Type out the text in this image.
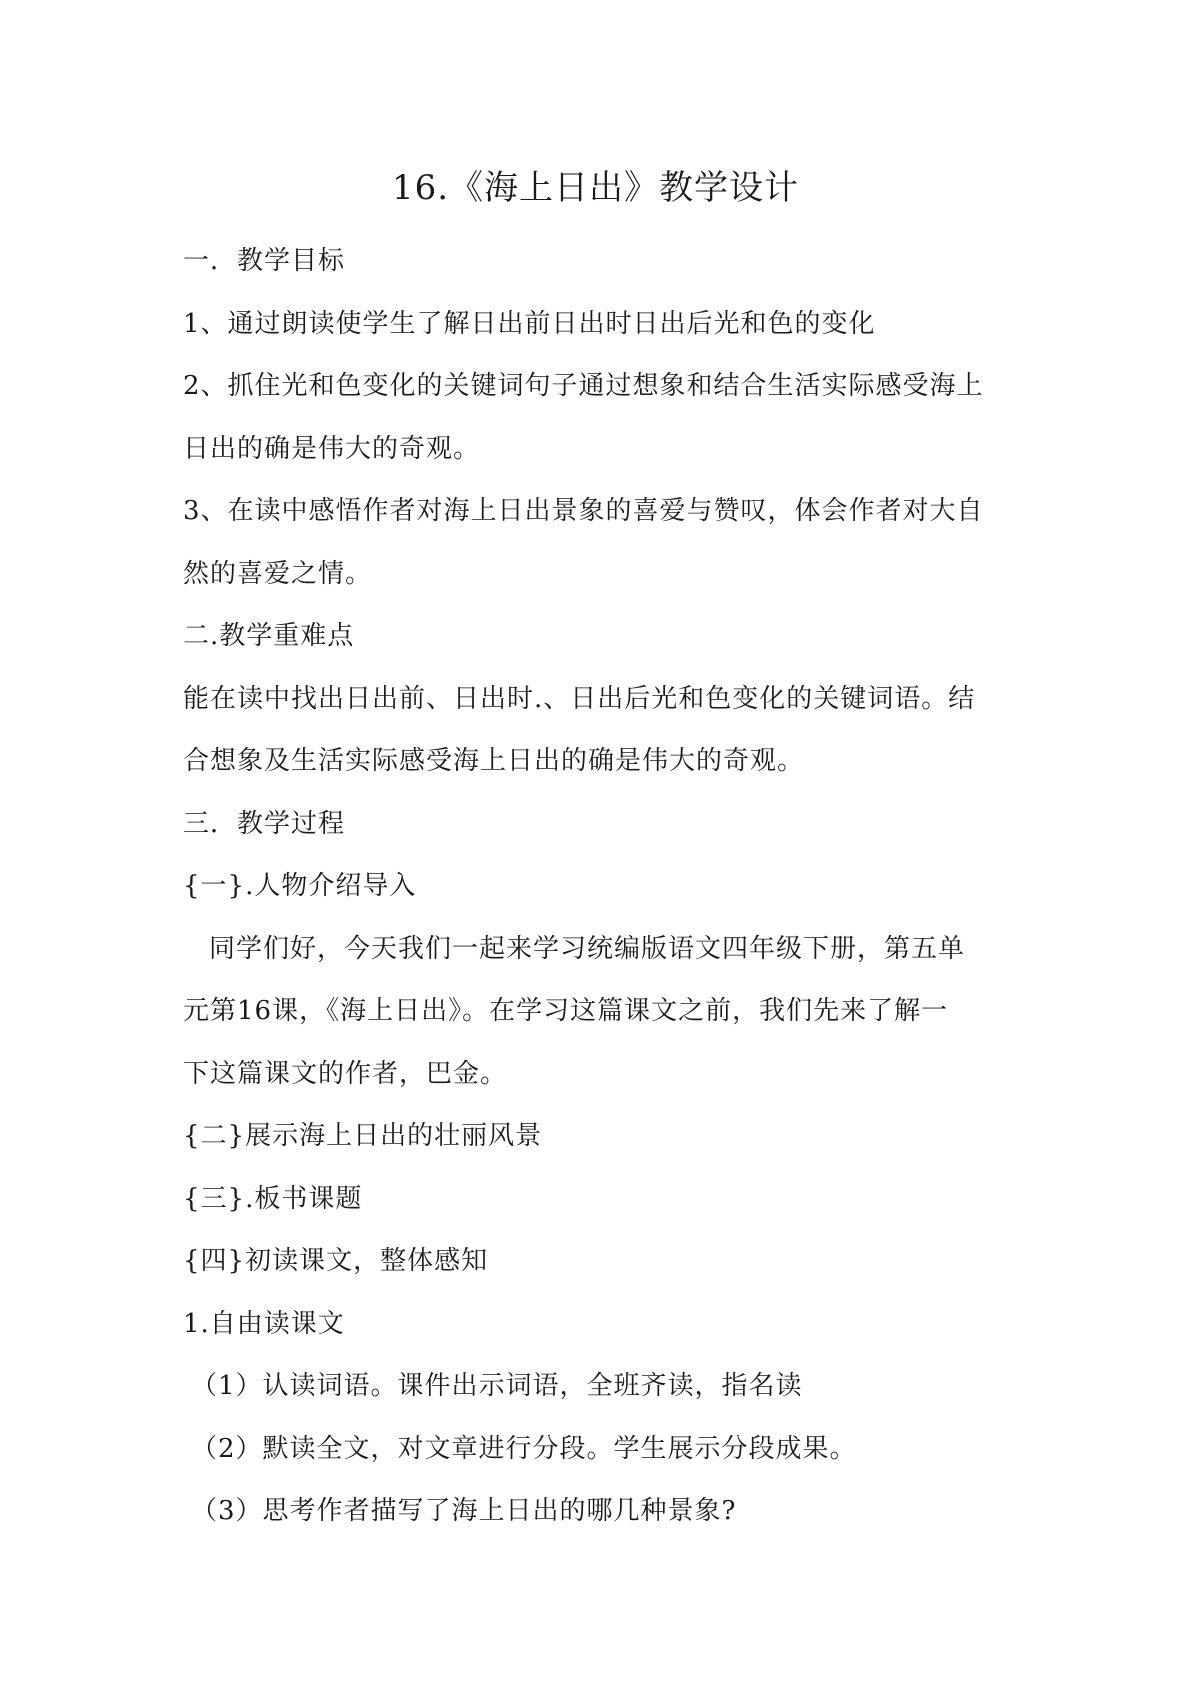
16.《海上日出》教学设计
一．教学目标
1、通过朗读使学生了解日出前日出时日出后光和色的变化
2、抓住光和色变化的关键词句子通过想象和结合生活实际感受海上
日出的确是伟大的奇观。
3、在读中感悟作者对海上日出景象的喜爱与赞叹，体会作者对大自
然的喜爱之情。
二.教学重难点
能在读中找出日出前、日出时.、日出后光和色变化的关键词语。结
合想象及生活实际感受海上日出的确是伟大的奇观。
三．教学过程
{一}.人物介绍导入
同学们好，今天我们一起来学习统编版语文四年级下册，第五单
元第16课，《海上日出》。在学习这篇课文之前，我们先来了解一
下这篇课文的作者，巴金。
{二}展示海上日出的壮丽风景
{三}.板书课题
{四}初读课文，整体感知
1.自由读课文
（1）认读词语。课件出示词语，全班齐读，指名读
（2）默读全文，对文章进行分段。学生展示分段成果。
（3）思考作者描写了海上日出的哪几种景象?
